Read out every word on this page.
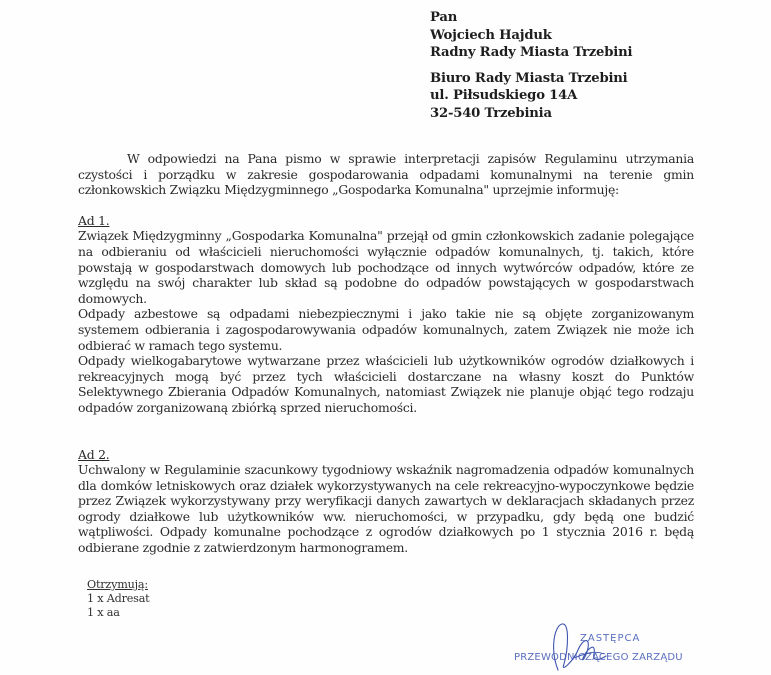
Pan
Wojciech Hajduk
Radny Rady Miasta Trzebini
Biuro Rady Miasta Trzebini
ul. Piłsudskiego 14A
32-540 Trzebinia

W odpowiedzi na Pana pismo w sprawie interpretacji zapisów Regulaminu utrzymania czystości i porządku w zakresie gospodarowania odpadami komunalnymi na terenie gmin członkowskich Związku Międzygminnego „Gospodarka Komunalna" uprzejmie informuję:

Ad 1.

Związek Międzygminny „Gospodarka Komunalna" przejął od gmin członkowskich zadanie polegające na odbieraniu od właścicieli nieruchomości wyłącznie odpadów komunalnych, tj. takich, które powstają w gospodarstwach domowych lub pochodzące od innych wytwórców odpadów, które ze względu na swój charakter lub skład są podobne do odpadów powstających w gospodarstwach domowych.

Odpady azbestowe są odpadami niebezpiecznymi i jako takie nie są objęte zorganizowanym systemem odbierania i zagospodarowywania odpadów komunalnych, zatem Związek nie może ich odbierać w ramach tego systemu.

Odpady wielkogabarytowe wytwarzane przez właścicieli lub użytkowników ogrodów działkowych i rekreacyjnych mogą być przez tych właścicieli dostarczane na własny koszt do Punktów Selektywnego Zbierania Odpadów Komunalnych, natomiast Związek nie planuje objąć tego rodzaju odpadów zorganizowaną zbiórką sprzed nieruchomości.

Ad 2.

Uchwalony w Regulaminie szacunkowy tygodniowy wskaźnik nagromadzenia odpadów komunalnych dla domków letniskowych oraz działek wykorzystywanych na cele rekreacyjno-wypoczynkowe będzie przez Związek wykorzystywany przy weryfikacji danych zawartych w deklaracjach składanych przez ogrody działkowe lub użytkowników ww. nieruchomości, w przypadku, gdy będą one budzić wątpliwości. Odpady komunalne pochodzące z ogrodów działkowych po 1 stycznia 2016 r. będą odbierane zgodnie z zatwierdzonym harmonogramem.

Otrzymują:
1 x Adresat
1 x aa
ZASTĘPCA
PRZEWODNICZĄCEGO ZARZĄDU
